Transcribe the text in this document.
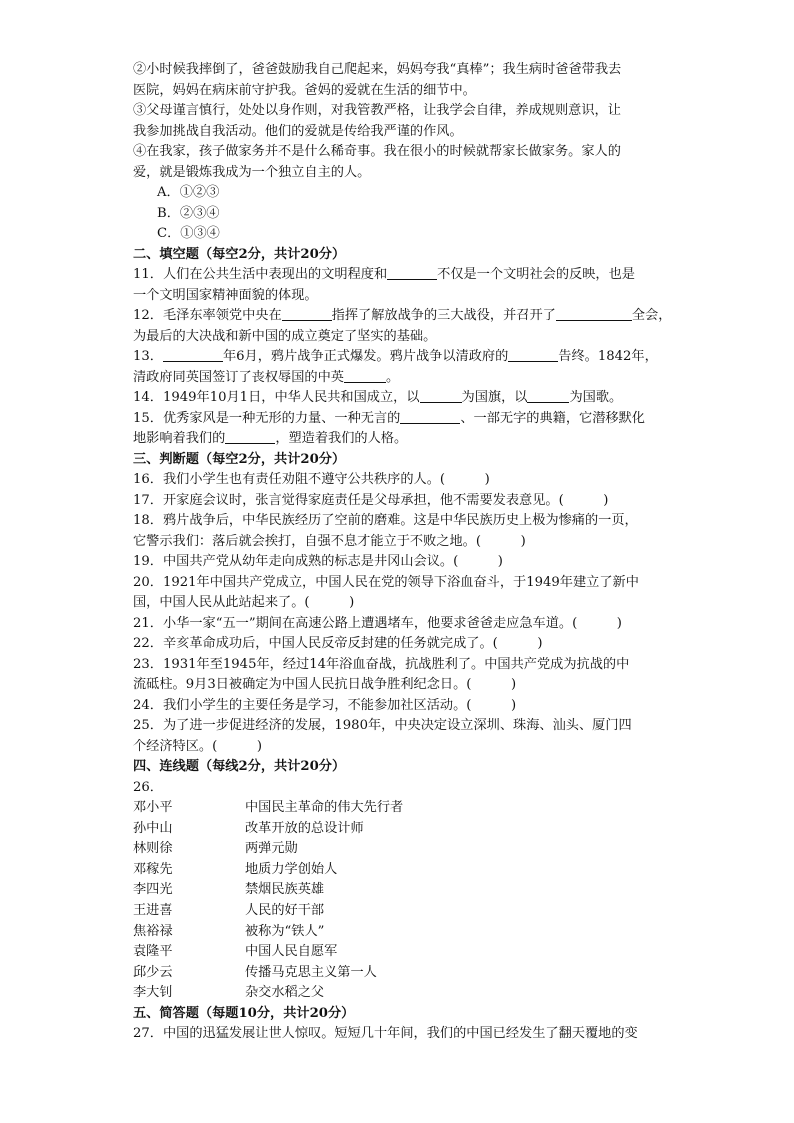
②小时候我摔倒了，爸爸鼓励我自己爬起来，妈妈夸我“真棒”；我生病时爸爸带我去
医院，妈妈在病床前守护我。爸妈的爱就在生活的细节中。
③父母谨言慎行，处处以身作则，对我管教严格，让我学会自律，养成规则意识，让
我参加挑战自我活动。他们的爱就是传给我严谨的作风。
④在我家，孩子做家务并不是什么稀奇事。我在很小的时候就帮家长做家务。家人的
爱，就是锻炼我成为一个独立自主的人。
A．①②③
B．②③④
C．①③④
二、填空题（每空2分，共计20分）
11．人们在公共生活中表现出的文明程度和	不仅是一个文明社会的反映，也是
一个文明国家精神面貌的体现。
12．毛泽东率领党中央在	指挥了解放战争的三大战役，并召开了	全会，
为最后的大决战和新中国的成立奠定了坚实的基础。
13．	年6月，鸦片战争正式爆发。鸦片战争以清政府的	告终。1842年，
清政府同英国签订了丧权辱国的中英	。
14．1949年10月1日，中华人民共和国成立，以	为国旗，以	为国歌。
15．优秀家风是一种无形的力量、一种无言的	、一部无字的典籍，它潜移默化
地影响着我们的	，塑造着我们的人格。
三、判断题（每空2分，共计20分）
16．我们小学生也有责任劝阻不遵守公共秩序的人。(　　　)
17．开家庭会议时，张言觉得家庭责任是父母承担，他不需要发表意见。(　　　)
18．鸦片战争后，中华民族经历了空前的磨难。这是中华民族历史上极为惨痛的一页，
它警示我们：落后就会挨打，自强不息才能立于不败之地。(　　　)
19．中国共产党从幼年走向成熟的标志是井冈山会议。(　　　)
20．1921年中国共产党成立，中国人民在党的领导下浴血奋斗，于1949年建立了新中
国，中国人民从此站起来了。(　　　)
21．小华一家“五一”期间在高速公路上遭遇堵车，他要求爸爸走应急车道。(　　　)
22．辛亥革命成功后，中国人民反帝反封建的任务就完成了。(　　　)
23．1931年至1945年，经过14年浴血奋战，抗战胜利了。中国共产党成为抗战的中
流砥柱。9月3日被确定为中国人民抗日战争胜利纪念日。(　　　)
24．我们小学生的主要任务是学习，不能参加社区活动。(　　　)
25．为了进一步促进经济的发展，1980年，中央决定设立深圳、珠海、汕头、厦门四
个经济特区。(　　　)
四、连线题（每线2分，共计20分）
26．
邓小平	中国民主革命的伟大先行者
孙中山	改革开放的总设计师
林则徐	两弹元勋
邓稼先	地质力学创始人
李四光	禁烟民族英雄
王进喜	人民的好干部
焦裕禄	被称为“铁人”
袁隆平	中国人民自愿军
邱少云	传播马克思主义第一人
李大钊	杂交水稻之父
五、简答题（每题10分，共计20分）
27．中国的迅猛发展让世人惊叹。短短几十年间，我们的中国已经发生了翻天覆地的变
